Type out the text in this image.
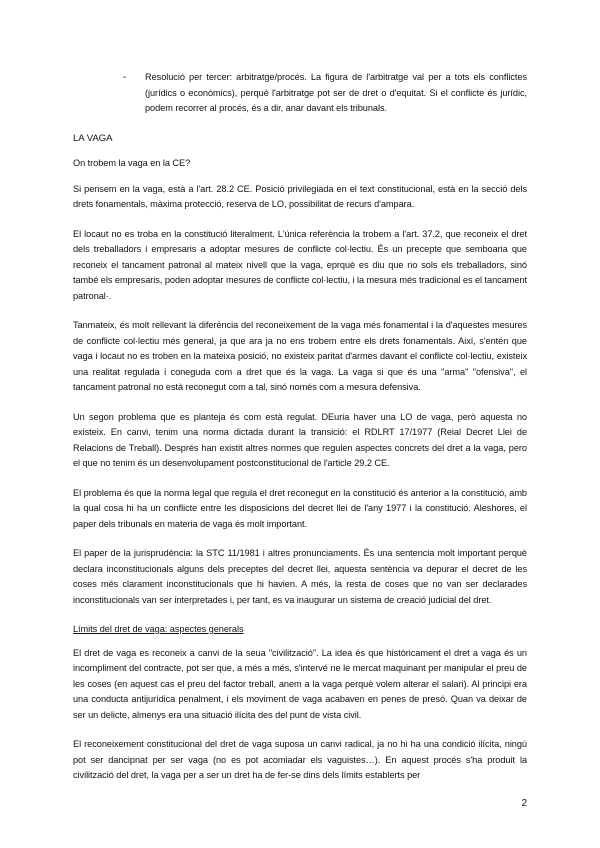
-	Resolució per tercer: arbitratge/procés. La figura de l'arbitratge val per a tots els conflictes (jurídics o econòmics), perquè l'arbitratge pot ser de dret o d'equitat. Si el conflicte és jurídic, podem recorrer al procés, és a dir, anar davant els tribunals.

LA VAGA

On trobem la vaga en la CE?

Si pensem en la vaga, està a l'art. 28.2 CE. Posició privilegiada en el text constitucional, està en la secció dels drets fonamentals, màxima protecció, reserva de LO, possibilitat de recurs d'ampara.

El locaut no es troba en la constitució literalment. L'única referència la trobem a l'art. 37.2, que reconeix el dret dels treballadors i empresaris a adoptar mesures de conflicte col·lectiu. És un precepte que semboaria que reconeix el tancament patronal al mateix nivell que la vaga, eprquè es diu que no sols els treballadors, sinó també els empresaris, poden adoptar mesures de conflicte col·lectiu, i la mesura més tradicional es el tancament patronal·.

Tanmateix, és molt rellevant la diferència del reconeixement de la vaga més fonamental i la d'aquestes mesures de conflicte col·lectiu més general, ja que ara ja no ens trobem entre els drets fonamentals. Així, s'entén que vaga i locaut no es troben en la mateixa posició, no existeix paritat d'armes davant el conflicte col·lectiu, existeix una realitat regulada i coneguda com a dret que és la vaga. La vaga si que és una "arma" "ofensiva", el tancament patronal no està reconegut com a tal, sinó només com a mesura defensiva.

Un segon problema que es planteja és com està regulat. DEuria haver una LO de vaga, però aquesta no existeix. En canvi, tenim una norma dictada durant la transició: el RDLRT 17/1977 (Reial Decret Llei de Relacions de Treball). Després han existit altres normes que regulen aspectes concrets del dret a la vaga, pero el que no tenim és un desenvolupament postconstitucional de l'article 29.2 CE.

El problema és que la norma legal que regula el dret reconegut en la constitució és anterior a la constitució, amb la qual cosa hi ha un conflicte entre les disposicions del decret llei de l'any 1977 i la constitució. Aleshores, el paper dels tribunals en materia de vaga és molt important.

El paper de la jurisprudència: la STC 11/1981 i altres pronunciaments. És una sentencia molt important perquè declara inconstitucionals alguns dels preceptes del decret llei, aquesta sentència va depurar el decret de les coses més clarament inconstitucionals que hi havien. A més, la resta de coses que no van ser declarades inconstitucionals van ser interpretades i, per tant, es va inaugurar un sistema de creació judicial del dret.

Límits del dret de vaga: aspectes generals

El dret de vaga es reconeix a canvi de la seua "civilització". La idea és que històricament el dret a vaga és un incompliment del contracte, pot ser que, a més a més, s'intervé ne le mercat maquinant per manipular el preu de les coses (en aquest cas el preu del factor treball, anem a la vaga perquè volem alterar el salari). Al principi era una conducta antijurídica penalment, i els moviment de vaga acabaven en penes de presó. Quan va deixar de ser un delicte, almenys era una situació ilícita des del punt de vista civil.

El reconeixement constitucional del dret de vaga suposa un canvi radical, ja no hi ha una condició ilícita, ningú pot ser dancipnat per ser vaga (no es pot acomiadar els vaguistes…). En aquest procés s'ha produit la civilització del dret, la vaga per a ser un dret ha de fer-se dins dels límits establerts per

2
